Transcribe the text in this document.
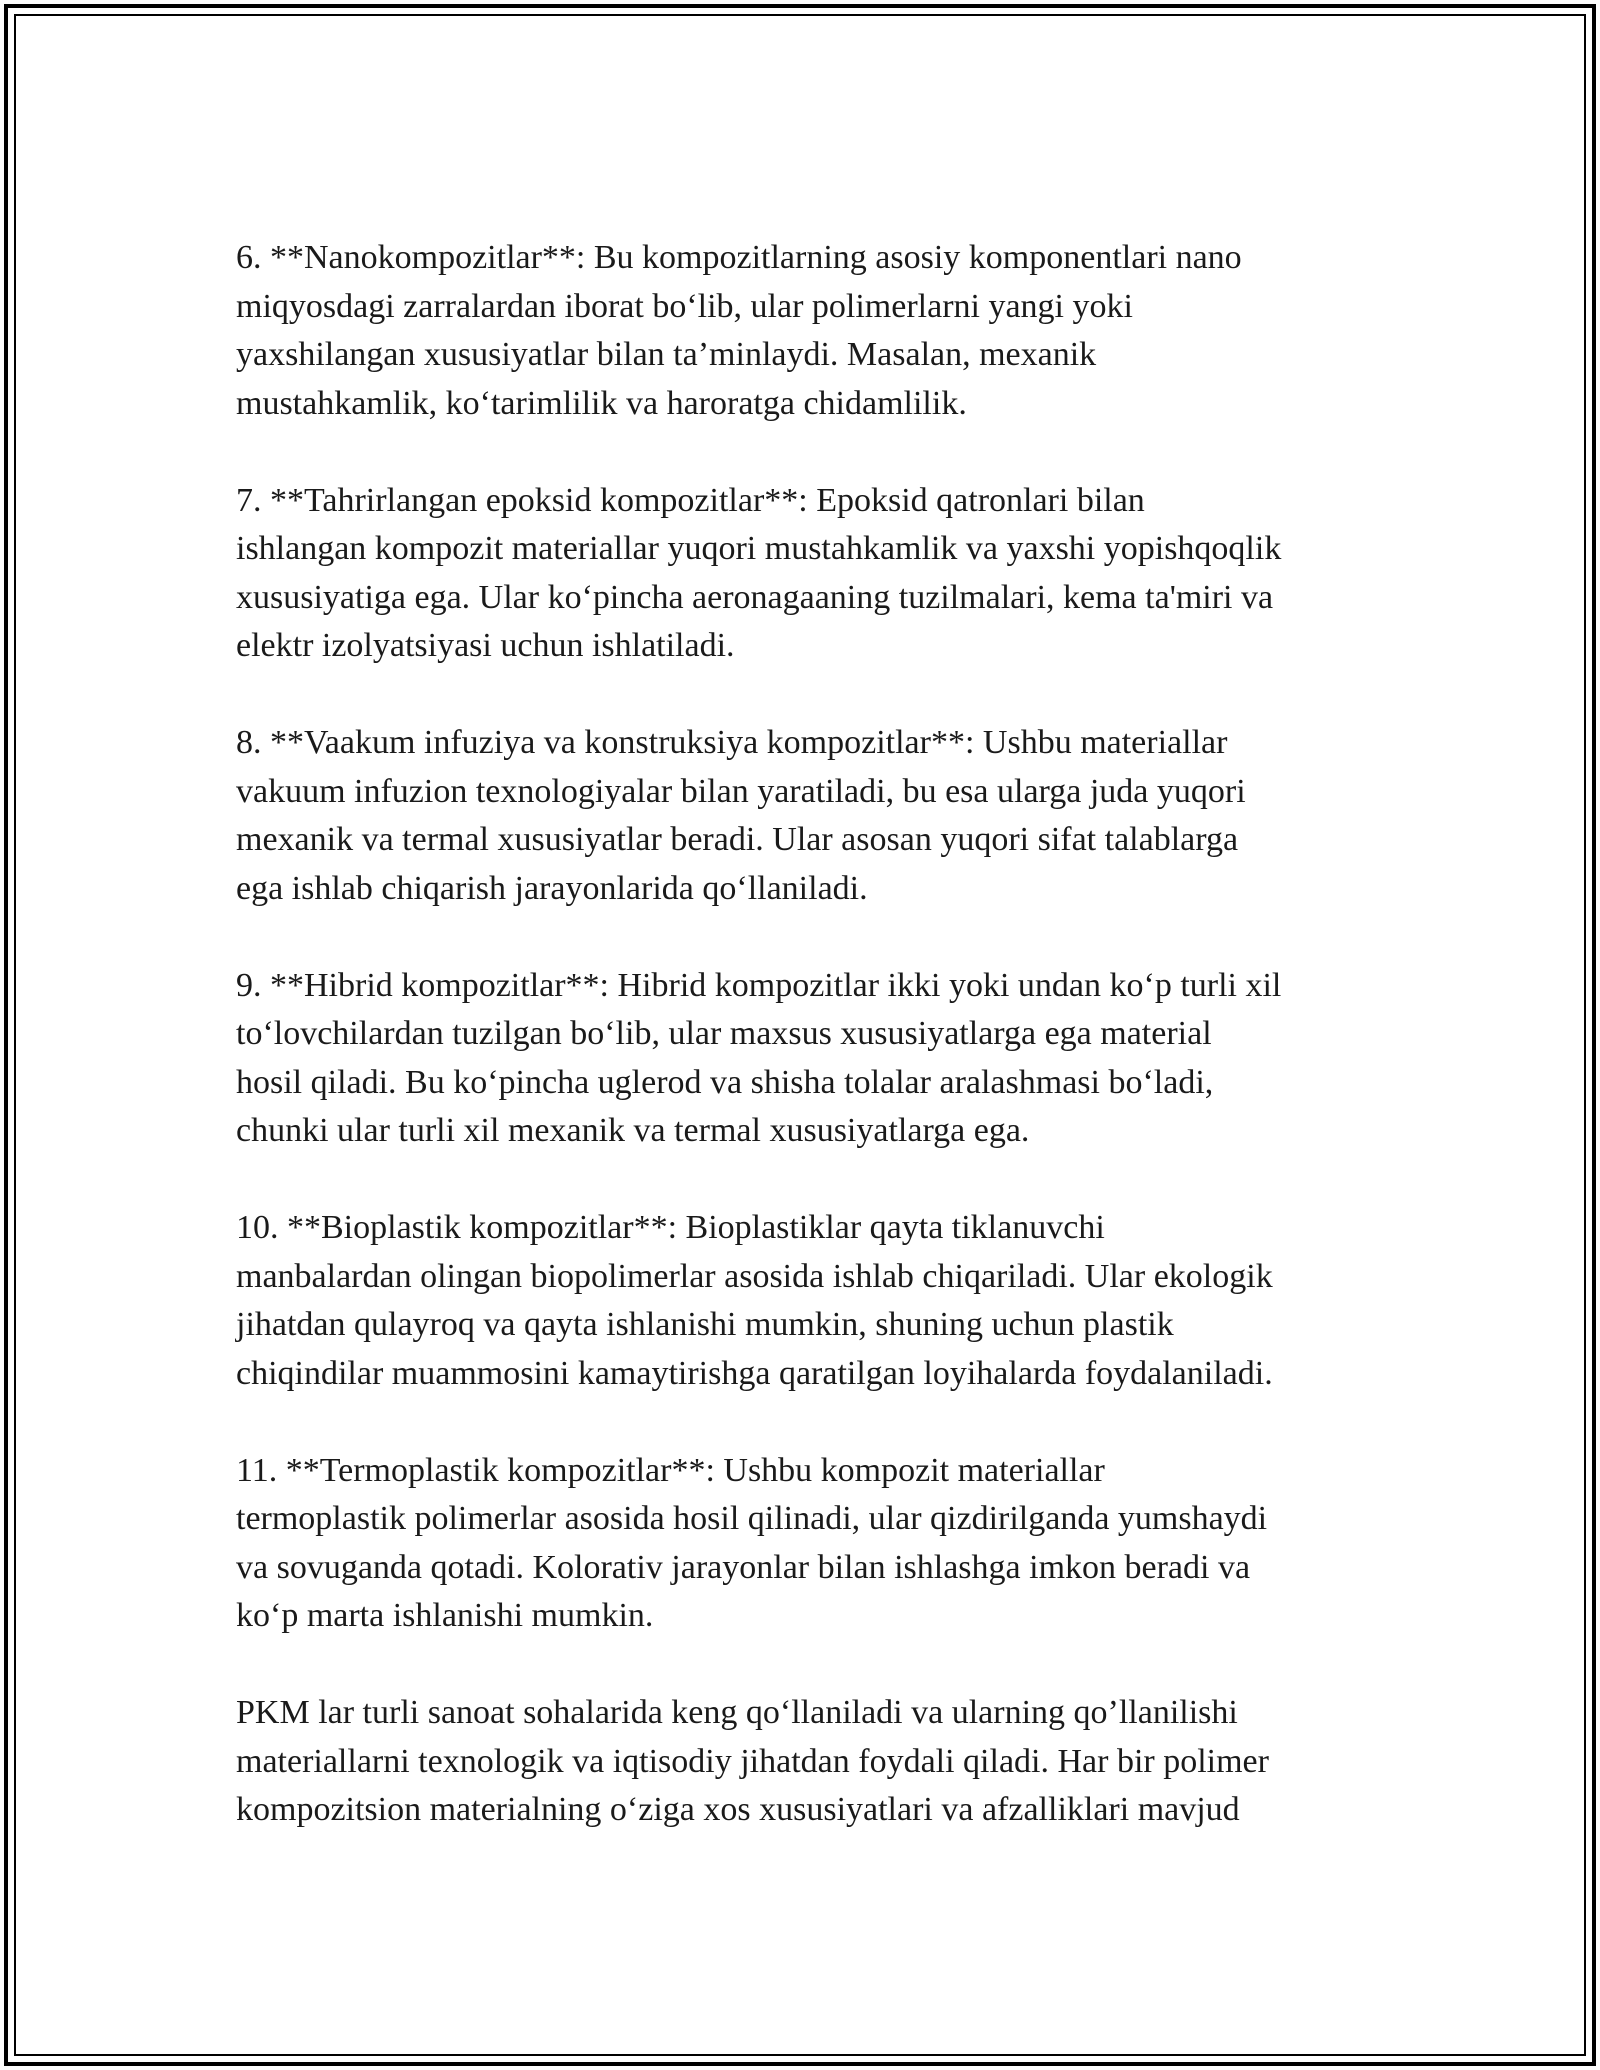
6. **Nanokompozitlar**: Bu kompozitlarning asosiy komponentlari nano
miqyosdagi zarralardan iborat bo‘lib, ular polimerlarni yangi yoki
yaxshilangan xususiyatlar bilan ta’minlaydi. Masalan, mexanik
mustahkamlik, ko‘tarimlilik va haroratga chidamlilik.

7. **Tahrirlangan epoksid kompozitlar**: Epoksid qatronlari bilan
ishlangan kompozit materiallar yuqori mustahkamlik va yaxshi yopishqoqlik
xususiyatiga ega. Ular ko‘pincha aeronagaaning tuzilmalari, kema ta'miri va
elektr izolyatsiyasi uchun ishlatiladi.

8. **Vaakum infuziya va konstruksiya kompozitlar**: Ushbu materiallar
vakuum infuzion texnologiyalar bilan yaratiladi, bu esa ularga juda yuqori
mexanik va termal xususiyatlar beradi. Ular asosan yuqori sifat talablarga
ega ishlab chiqarish jarayonlarida qo‘llaniladi.

9. **Hibrid kompozitlar**: Hibrid kompozitlar ikki yoki undan ko‘p turli xil
to‘lovchilardan tuzilgan bo‘lib, ular maxsus xususiyatlarga ega material
hosil qiladi. Bu ko‘pincha uglerod va shisha tolalar aralashmasi bo‘ladi,
chunki ular turli xil mexanik va termal xususiyatlarga ega.

10. **Bioplastik kompozitlar**: Bioplastiklar qayta tiklanuvchi
manbalardan olingan biopolimerlar asosida ishlab chiqariladi. Ular ekologik
jihatdan qulayroq va qayta ishlanishi mumkin, shuning uchun plastik
chiqindilar muammosini kamaytirishga qaratilgan loyihalarda foydalaniladi.

11. **Termoplastik kompozitlar**: Ushbu kompozit materiallar
termoplastik polimerlar asosida hosil qilinadi, ular qizdirilganda yumshaydi
va sovuganda qotadi. Kolorativ jarayonlar bilan ishlashga imkon beradi va
ko‘p marta ishlanishi mumkin.

PKM lar turli sanoat sohalarida keng qo‘llaniladi va ularning qo’llanilishi
materiallarni texnologik va iqtisodiy jihatdan foydali qiladi. Har bir polimer
kompozitsion materialning o‘ziga xos xususiyatlari va afzalliklari mavjud
